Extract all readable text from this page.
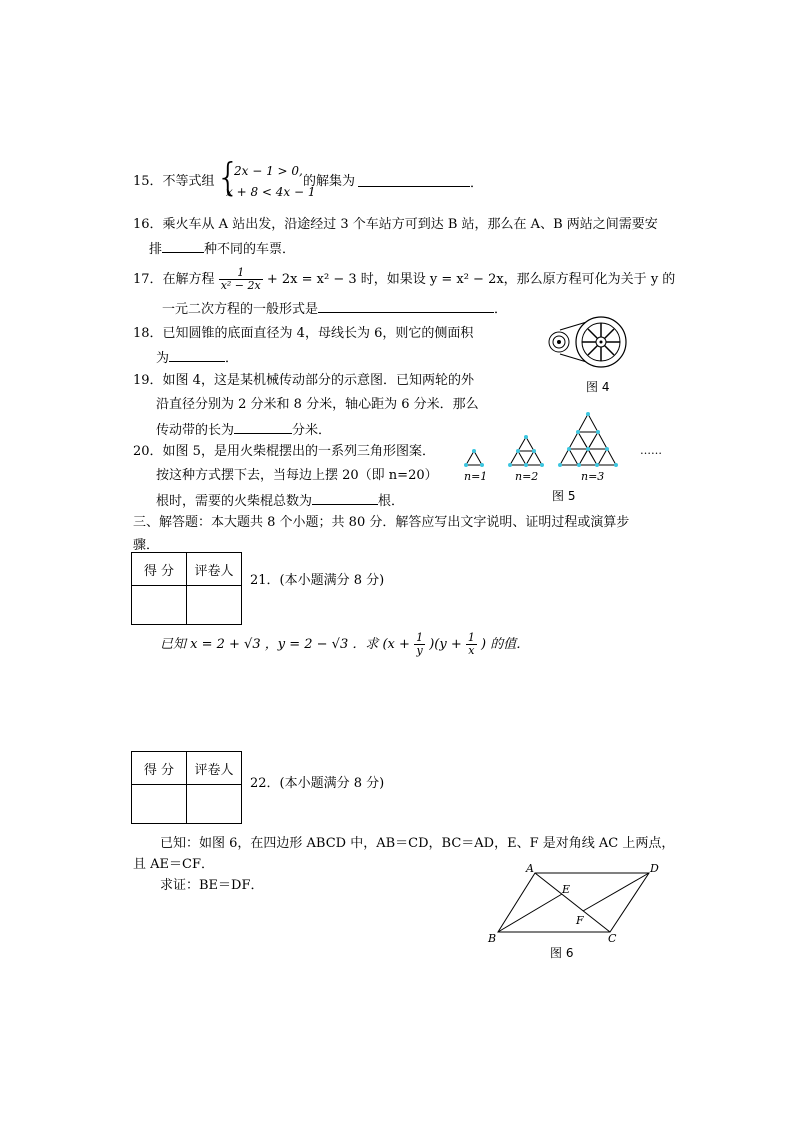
15．不等式组 {
2x − 1 > 0,
x + 8 < 4x − 1
的解集为	．
16．乘火车从 A 站出发，沿途经过 3 个车站方可到达 B 站，那么在 A、B 两站之间需要安
排	种不同的车票．
17．在解方程 $\frac{1}{\text{x² − 2x}} + 2x = x^2 - 3$ 时，如果设 y = x² − 2x，那么原方程可化为关于 y 的
一元二次方程的一般形式是	．
18．已知圆锥的底面直径为 4，母线长为 6，则它的侧面积
为	．
19．如图 4，这是某机械传动部分的示意图．已知两轮的外
沿直径分别为 2 分米和 8 分米，轴心距为 6 分米．那么
传动带的长为	分米．
20．如图 5，是用火柴棍摆出的一系列三角形图案．
按这种方式摆下去，当每边上摆 20（即 n=20）
根时，需要的火柴棍总数为	根．
图 4
n=1	n=2	n=3
……
图 5
三、解答题：本大题共 8 个小题；共 80 分．解答应写出文字说明、证明过程或演算步
骤．
得 分	评卷人

21．(本小题满分 8 分)
已知 x = 2 + √3 ，y = 2 − √3 ．求 $(x + \frac{1}{y} )(y + \frac{1}{x}$ ) 的值．
得 分	评卷人

22．(本小题满分 8 分)
已知：如图 6，在四边形 ABCD 中，AB＝CD，BC＝AD，E、F 是对角线 AC 上两点，
且 AE＝CF．
求证：BE＝DF．
A	D
B	C
E
F
图 6
